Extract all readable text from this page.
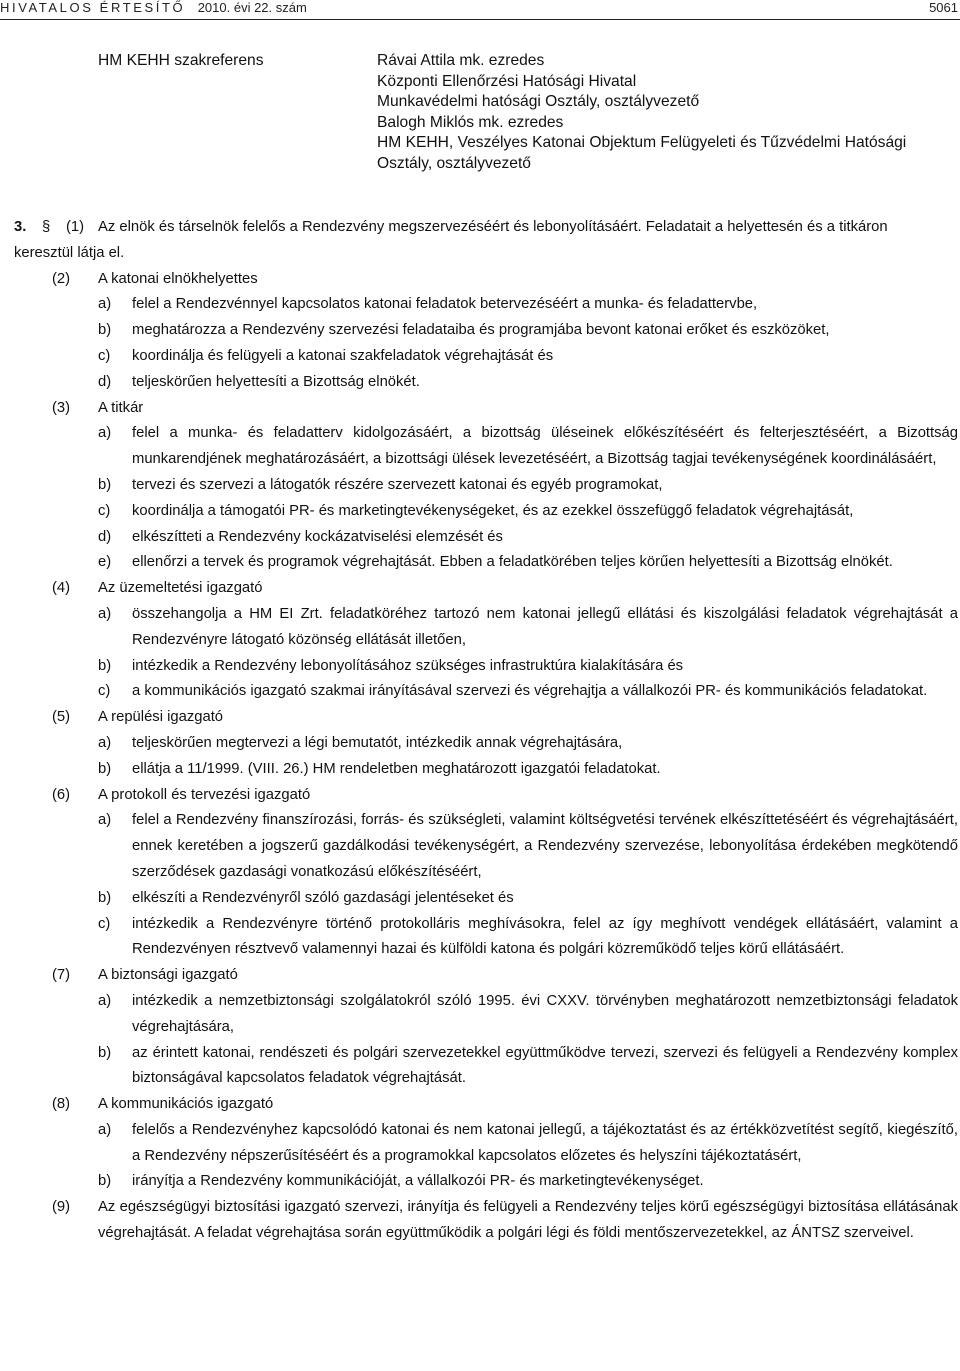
HIVATALOS ÉRTESÍTŐ 2010. évi 22. szám	5061
HM KEHH szakreferens	Rávai Attila mk. ezredes
Központi Ellenőrzési Hatósági Hivatal
Munkavédelmi hatósági Osztály, osztályvezető
Balogh Miklós mk. ezredes
HM KEHH, Veszélyes Katonai Objektum Felügyeleti és Tűzvédelmi Hatósági
Osztály, osztályvezető
3.	§	(1) Az elnök és társelnök felelős a Rendezvény megszervezéséért és lebonyolításáért. Feladatait a helyettesén és a titkáron
keresztül látja el.
(2)	A katonai elnökhelyettes
a)	felel a Rendezvénnyel kapcsolatos katonai feladatok betervezéséért a munka- és feladattervbe,
b)	meghatározza a Rendezvény szervezési feladataiba és programjába bevont katonai erőket és eszközöket,
c)	koordinálja és felügyeli a katonai szakfeladatok végrehajtását és
d)	teljeskörűen helyettesíti a Bizottság elnökét.
(3)	A titkár
a)	felel a munka- és feladatterv kidolgozásáért, a bizottság üléseinek előkészítéséért és felterjesztéséért, a Bizottság munkarendjének meghatározásáért, a bizottsági ülések levezetéséért, a Bizottság tagjai tevékenységének koordinálásáért,
b)	tervezi és szervezi a látogatók részére szervezett katonai és egyéb programokat,
c)	koordinálja a támogatói PR- és marketingtevékenységeket, és az ezekkel összefüggő feladatok végrehajtását,
d)	elkészítteti a Rendezvény kockázatviselési elemzését és
e)	ellenőrzi a tervek és programok végrehajtását. Ebben a feladatkörében teljes körűen helyettesíti a Bizottság elnökét.
(4)	Az üzemeltetési igazgató
a)	összehangolja a HM EI Zrt. feladatköréhez tartozó nem katonai jellegű ellátási és kiszolgálási feladatok végrehajtását a Rendezvényre látogató közönség ellátását illetően,
b)	intézkedik a Rendezvény lebonyolításához szükséges infrastruktúra kialakítására és
c)	a kommunikációs igazgató szakmai irányításával szervezi és végrehajtja a vállalkozói PR- és kommunikációs feladatokat.
(5)	A repülési igazgató
a)	teljeskörűen megtervezi a légi bemutatót, intézkedik annak végrehajtására,
b)	ellátja a 11/1999. (VIII. 26.) HM rendeletben meghatározott igazgatói feladatokat.
(6)	A protokoll és tervezési igazgató
a)	felel a Rendezvény finanszírozási, forrás- és szükségleti, valamint költségvetési tervének elkészíttetéséért és végrehajtásáért, ennek keretében a jogszerű gazdálkodási tevékenységért, a Rendezvény szervezése, lebonyolítása érdekében megkötendő szerződések gazdasági vonatkozású előkészítéséért,
b)	elkészíti a Rendezvényről szóló gazdasági jelentéseket és
c)	intézkedik a Rendezvényre történő protokolláris meghívásokra, felel az így meghívott vendégek ellátásáért, valamint a Rendezvényen résztvevő valamennyi hazai és külföldi katona és polgári közreműködő teljes körű ellátásáért.
(7)	A biztonsági igazgató
a)	intézkedik a nemzetbiztonsági szolgálatokról szóló 1995. évi CXXV. törvényben meghatározott nemzetbiztonsági feladatok végrehajtására,
b)	az érintett katonai, rendészeti és polgári szervezetekkel együttműködve tervezi, szervezi és felügyeli a Rendezvény komplex biztonságával kapcsolatos feladatok végrehajtását.
(8)	A kommunikációs igazgató
a)	felelős a Rendezvényhez kapcsolódó katonai és nem katonai jellegű, a tájékoztatást és az értékközvetítést segítő, kiegészítő, a Rendezvény népszerűsítéséért és a programokkal kapcsolatos előzetes és helyszíni tájékoztatásért,
b)	irányítja a Rendezvény kommunikációját, a vállalkozói PR- és marketingtevékenységet.
(9)	Az egészségügyi biztosítási igazgató szervezi, irányítja és felügyeli a Rendezvény teljes körű egészségügyi biztosítása ellátásának végrehajtását. A feladat végrehajtása során együttműködik a polgári légi és földi mentőszervezetekkel, az ÁNTSZ szerveivel.
